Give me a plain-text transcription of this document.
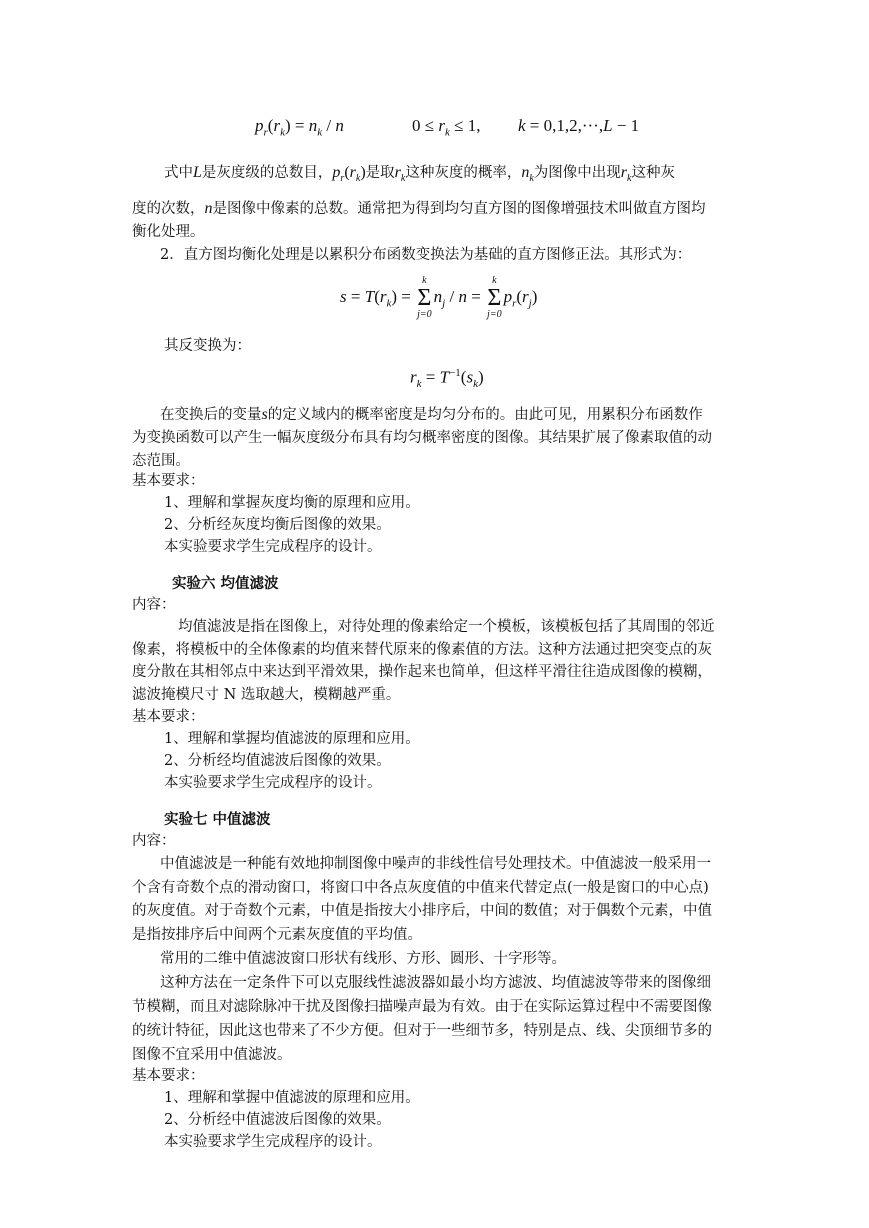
$p_r(r_k) = n_k / n$	$0 \le r_k \le 1$, k = 0,1,2,···,L − 1
式中L是灰度级的总数目，$p_r(r_k)$是取$r_k$这种灰度的概率，$n_k$为图像中出现$r_k$这种灰
度的次数，n是图像中像素的总数。通常把为得到均匀直方图的图像增强技术叫做直方图均
衡化处理。
2．直方图均衡化处理是以累积分布函数变换法为基础的直方图修正法。其形式为：
$s = T(r_k)$ =
k
Σ
j=0
$n_j$ / n =
k
Σ
j=0
$p_r(r_j)$
其反变换为：
$r_k = T^{-1}(s_k)$
在变换后的变量s的定义域内的概率密度是均匀分布的。由此可见，用累积分布函数作
为变换函数可以产生一幅灰度级分布具有均匀概率密度的图像。其结果扩展了像素取值的动
态范围。
基本要求：
1、理解和掌握灰度均衡的原理和应用。
2、分析经灰度均衡后图像的效果。
本实验要求学生完成程序的设计。
实验六 均值滤波
内容：
均值滤波是指在图像上，对待处理的像素给定一个模板，该模板包括了其周围的邻近
像素，将模板中的全体像素的均值来替代原来的像素值的方法。这种方法通过把突变点的灰
度分散在其相邻点中来达到平滑效果，操作起来也简单，但这样平滑往往造成图像的模糊，
滤波掩模尺寸 N 选取越大，模糊越严重。
基本要求：
1、理解和掌握均值滤波的原理和应用。
2、分析经均值滤波后图像的效果。
本实验要求学生完成程序的设计。
实验七 中值滤波
内容：
中值滤波是一种能有效地抑制图像中噪声的非线性信号处理技术。中值滤波一般采用一
个含有奇数个点的滑动窗口，将窗口中各点灰度值的中值来代替定点(一般是窗口的中心点)
的灰度值。对于奇数个元素，中值是指按大小排序后，中间的数值；对于偶数个元素，中值
是指按排序后中间两个元素灰度值的平均值。
常用的二维中值滤波窗口形状有线形、方形、圆形、十字形等。
这种方法在一定条件下可以克服线性滤波器如最小均方滤波、均值滤波等带来的图像细
节模糊，而且对滤除脉冲干扰及图像扫描噪声最为有效。由于在实际运算过程中不需要图像
的统计特征，因此这也带来了不少方便。但对于一些细节多，特别是点、线、尖顶细节多的
图像不宜采用中值滤波。
基本要求：
1、理解和掌握中值滤波的原理和应用。
2、分析经中值滤波后图像的效果。
本实验要求学生完成程序的设计。
